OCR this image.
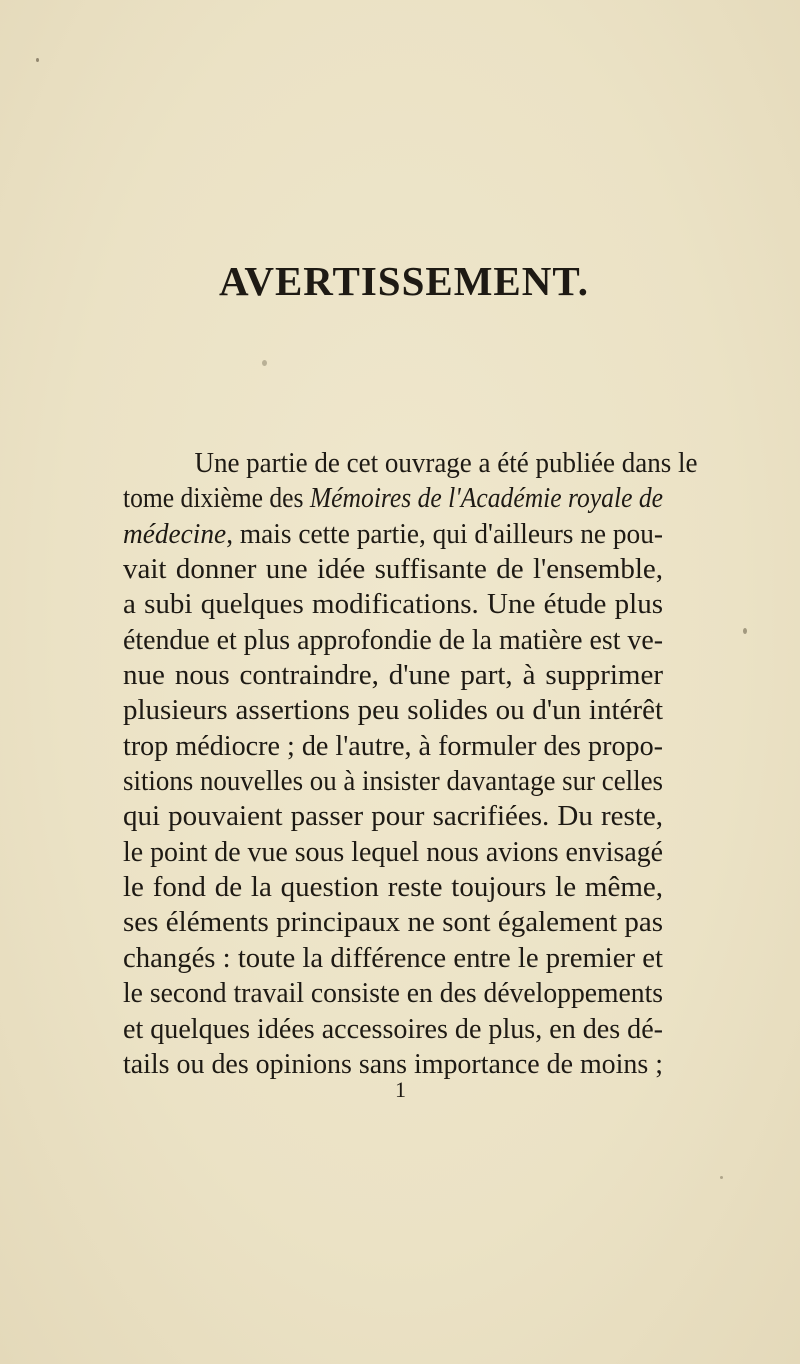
AVERTISSEMENT.
Une partie de cet ouvrage a été publiée dans le
tome dixième des Mémoires de l'Académie royale de
médecine, mais cette partie, qui d'ailleurs ne pou-
vait donner une idée suffisante de l'ensemble,
a subi quelques modifications. Une étude plus
étendue et plus approfondie de la matière est ve-
nue nous contraindre, d'une part, à supprimer
plusieurs assertions peu solides ou d'un intérêt
trop médiocre ; de l'autre, à formuler des propo-
sitions nouvelles ou à insister davantage sur celles
qui pouvaient passer pour sacrifiées. Du reste,
le point de vue sous lequel nous avions envisagé
le fond de la question reste toujours le même,
ses éléments principaux ne sont également pas
changés : toute la différence entre le premier et
le second travail consiste en des développements
et quelques idées accessoires de plus, en des dé-
tails ou des opinions sans importance de moins ;
1
